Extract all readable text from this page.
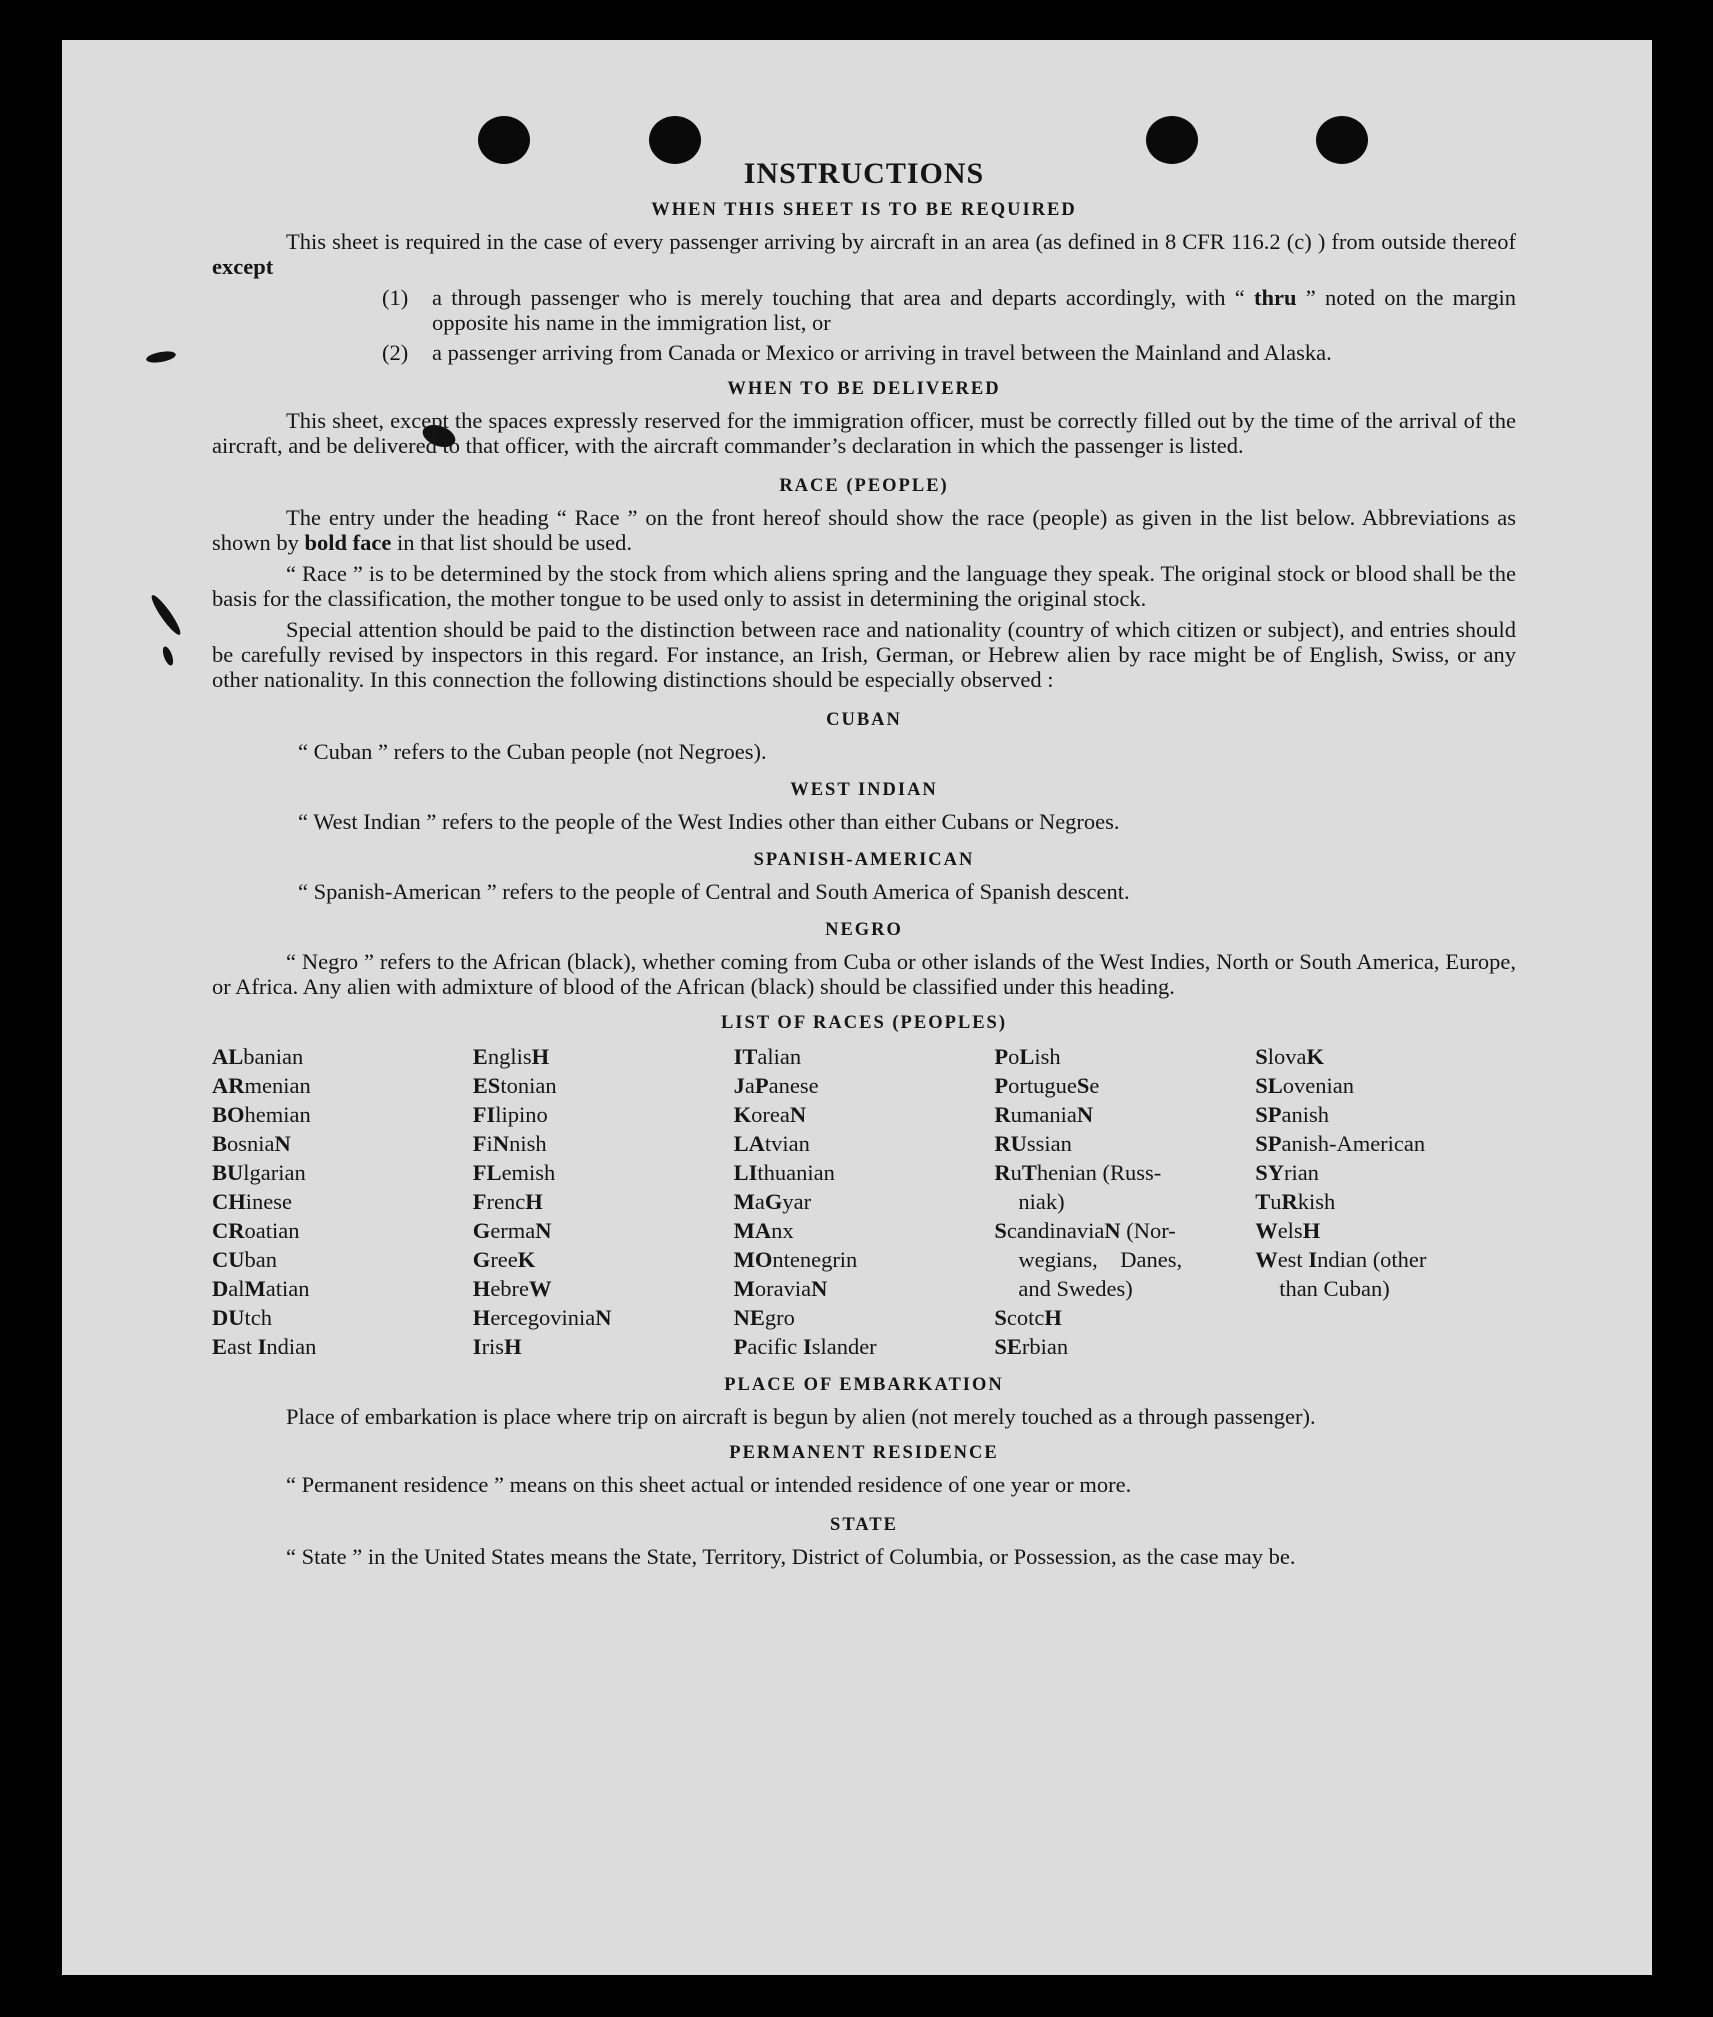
INSTRUCTIONS
WHEN THIS SHEET IS TO BE REQUIRED

This sheet is required in the case of every passenger arriving by aircraft in an area (as defined in 8 CFR 116.2 (c) ) from outside thereof except

(1)	a through passenger who is merely touching that area and departs accordingly, with “ thru ” noted on the margin opposite his name in the immigration list, or

(2)	a passenger arriving from Canada or Mexico or arriving in travel between the Mainland and Alaska.

WHEN TO BE DELIVERED

This sheet, except the spaces expressly reserved for the immigration officer, must be correctly filled out by the time of the arrival of the aircraft, and be delivered to that officer, with the aircraft commander’s declaration in which the passenger is listed.

RACE (PEOPLE)

The entry under the heading “ Race ” on the front hereof should show the race (people) as given in the list below. Abbreviations as shown by bold face in that list should be used.

“ Race ” is to be determined by the stock from which aliens spring and the language they speak. The original stock or blood shall be the basis for the classification, the mother tongue to be used only to assist in determining the original stock.

Special attention should be paid to the distinction between race and nationality (country of which citizen or subject), and entries should be carefully revised by inspectors in this regard. For instance, an Irish, German, or Hebrew alien by race might be of English, Swiss, or any other nationality. In this connection the following distinctions should be especially observed :

CUBAN

“ Cuban ” refers to the Cuban people (not Negroes).

WEST INDIAN

“ West Indian ” refers to the people of the West Indies other than either Cubans or Negroes.

SPANISH-AMERICAN

“ Spanish-American ” refers to the people of Central and South America of Spanish descent.

NEGRO

“ Negro ” refers to the African (black), whether coming from Cuba or other islands of the West Indies, North or South America, Europe, or Africa. Any alien with admixture of blood of the African (black) should be classified under this heading.

LIST OF RACES (PEOPLES)
ALbanian
ARmenian
BOhemian
BosniaN
BUlgarian
CHinese
CRoatian
CUban
DalMatian
DUtch
East Indian
EnglisH
EStonian
FIlipino
FiNnish
FLemish
FrencH
GermaN
GreeK
HebreW
HercegoviniaN
IrisH
ITalian
JaPanese
KoreaN
LAtvian
LIthuanian
MaGyar
MAnx
MOntenegrin
MoraviaN
NEgro
Pacific Islander
PoLish
PortugueSe
RumaniaN
RUssian
RuThenian (Russ-
niak)
ScandinaviaN (Nor-
wegians,    Danes,
and Swedes)
ScotcH
SErbian
SlovaK
SLovenian
SPanish
SPanish-American
SYrian
TuRkish
WelsH
West Indian (other
than Cuban)
PLACE OF EMBARKATION

Place of embarkation is place where trip on aircraft is begun by alien (not merely touched as a through passenger).

PERMANENT RESIDENCE

“ Permanent residence ” means on this sheet actual or intended residence of one year or more.

STATE

“ State ” in the United States means the State, Territory, District of Columbia, or Possession, as the case may be.
